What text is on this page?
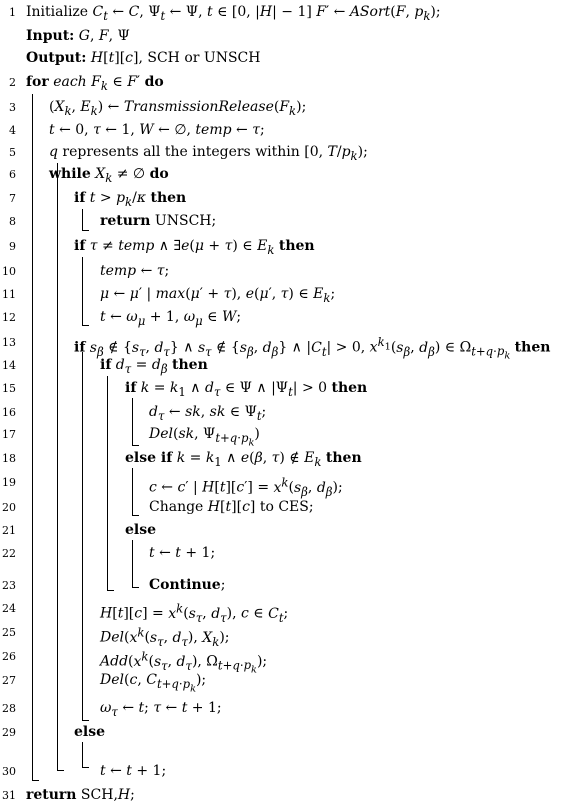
1 Initialize $C_t$ ← C, $\Psi_t$ ← Ψ, t ∈ [0, |H| − 1] F′ ← ASort(F, $p_k$);
Input: G, F, Ψ
Output: H[t][c], SCH or UNSCH
2 for each $F_k$ ∈ F′ do
3 ($X_k$, $E_k$) ← $TransmissionRelease(F_k)$;
4 t ← 0, τ ← 1, W ← ∅, temp ← τ;
5 q represents all the integers within [0, $T/p_k$);
6 while $X_k$ ≠ ∅ do
7	if $t > p_k/\kappa$ then
8	return UNSCH;
9	if τ ≠ temp ∧ ∃e(μ + τ) ∈ $E_k$ then
10	temp ← τ;
11	μ ← μ′ | max(μ′ + τ), e(μ′, τ) ∈ $E_k$;
12	t ← $\omega_\mu + 1$, $\omega_\mu$ ∈ W;
13	if $s_\beta$ ∉ {$s_\tau$, $d_\tau$} ∧ $s_\tau$ ∉ {$s_\beta$, $d_\beta$} ∧ $|C_t| > 0$, $x^{k_1}(s_\beta$, $d_\beta$) ∈ $\Omega_{t+q\cdot p_k}$ then
14	if $d_\tau = d_\beta$ then
15	if $k = k_1$ ∧ $d_\tau$ ∈ Ψ ∧ $|\Psi_t| > 0$ then
16	$d_\tau$ ← sk, sk ∈ $\Psi_t$;
17	Del(sk, $\Psi_{t+q\cdot p_k}$)
18	else if $k = k_1$ ∧ e(β, τ) ∉ $E_k$ then
19	c ← c′ | $H[t][c'] = x^k(s_\beta$, $d_\beta$);
20	Change H[t][c] to CES;
21	else
22	t ← t + 1;
23	Continue;
24	$H[t][c] = x^k(s_\tau$, $d_\tau$), c ∈ $C_t$;
25	$Del(x^k(s_\tau$, $d_\tau$), $X_k$);
26	$Add(x^k(s_\tau$, $d_\tau$), $\Omega_{t+q\cdot p_k}$);
27	Del(c, $C_{t+q\cdot p_k}$);
28	$\omega_\tau$ ← t; τ ← t + 1;
29	else
30	t ← t + 1;
31 return SCH,H;
